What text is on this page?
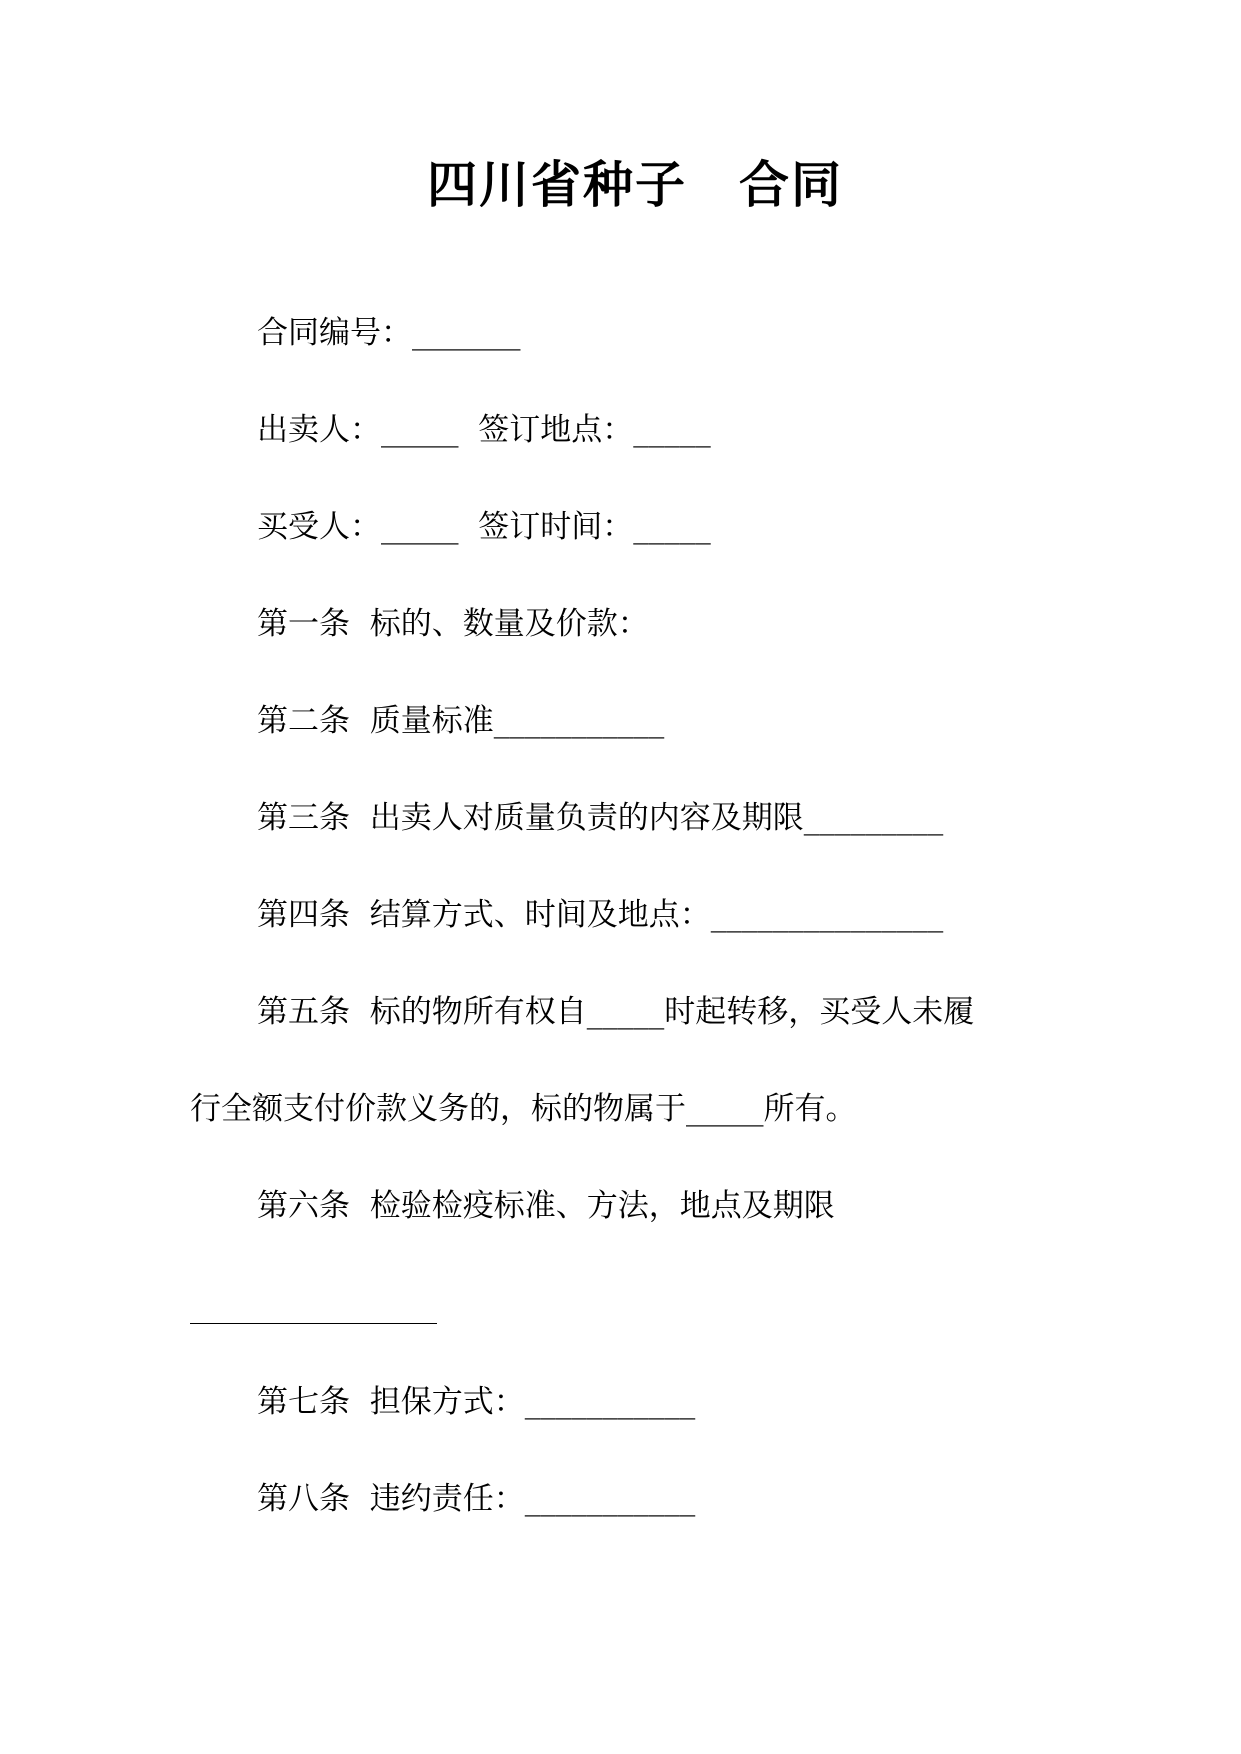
四川省种子　合同
合同编号：_______
出卖人：_____  签订地点：_____
买受人：_____  签订时间：_____
第一条  标的、数量及价款：
第二条  质量标准___________
第三条  出卖人对质量负责的内容及期限_________
第四条  结算方式、时间及地点：_______________
第五条  标的物所有权自_____时起转移，买受人未履
行全额支付价款义务的，标的物属于_____所有。
第六条  检验检疫标准、方法，地点及期限
第七条  担保方式：___________
第八条  违约责任：___________
